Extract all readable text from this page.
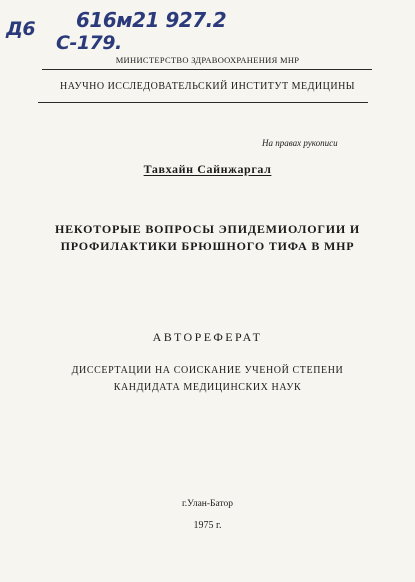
Д6 616м21 927.2
С-179.
МИНИСТЕРСТВО ЗДРАВООХРАНЕНИЯ МНР
НАУЧНО ИССЛЕДОВАТЕЛЬСКИЙ ИНСТИТУТ МЕДИЦИНЫ
На правах рукописи
Тавхайн Сайнжаргал
НЕКОТОРЫЕ ВОПРОСЫ ЭПИДЕМИОЛОГИИ И
ПРОФИЛАКТИКИ БРЮШНОГО ТИФА В МНР
АВТОРЕФЕРАТ
ДИССЕРТАЦИИ НА СОИСКАНИЕ УЧЕНОЙ СТЕПЕНИ
КАНДИДАТА МЕДИЦИНСКИХ НАУК
г.Улан-Батор
1975 г.
